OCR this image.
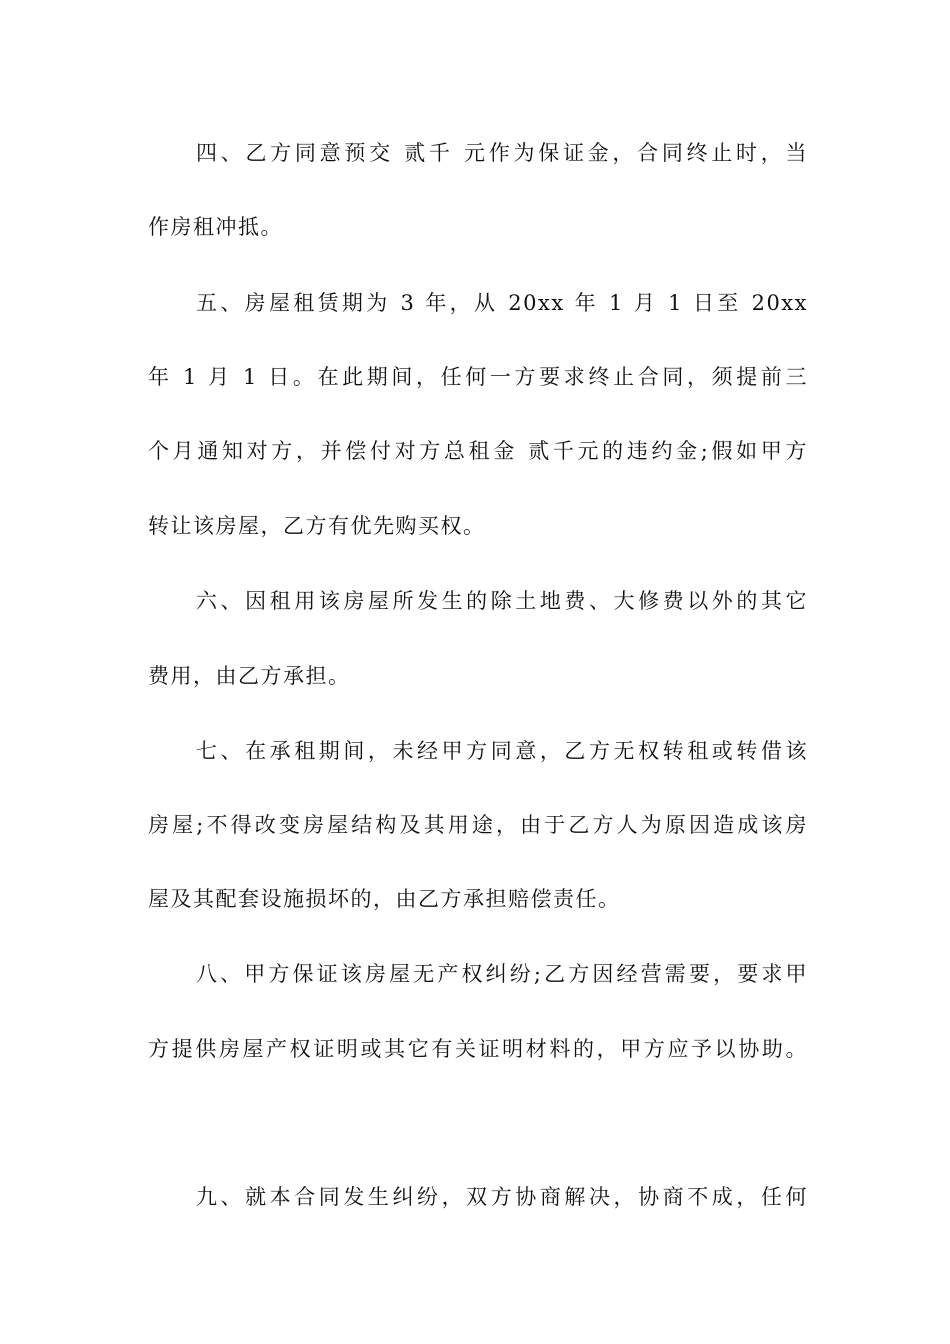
四、乙方同意预交 贰千 元作为保证金，合同终止时，当
作房租冲抵。
五、房屋租赁期为 3 年，从 20xx 年 1 月 1 日至 20xx
年 1 月 1 日。在此期间，任何一方要求终止合同，须提前三
个月通知对方，并偿付对方总租金 贰千元的违约金;假如甲方
转让该房屋，乙方有优先购买权。
六、因租用该房屋所发生的除土地费、大修费以外的其它
费用，由乙方承担。
七、在承租期间，未经甲方同意，乙方无权转租或转借该
房屋;不得改变房屋结构及其用途，由于乙方人为原因造成该房
屋及其配套设施损坏的，由乙方承担赔偿责任。
八、甲方保证该房屋无产权纠纷;乙方因经营需要，要求甲
方提供房屋产权证明或其它有关证明材料的，甲方应予以协助。
九、就本合同发生纠纷，双方协商解决，协商不成，任何
